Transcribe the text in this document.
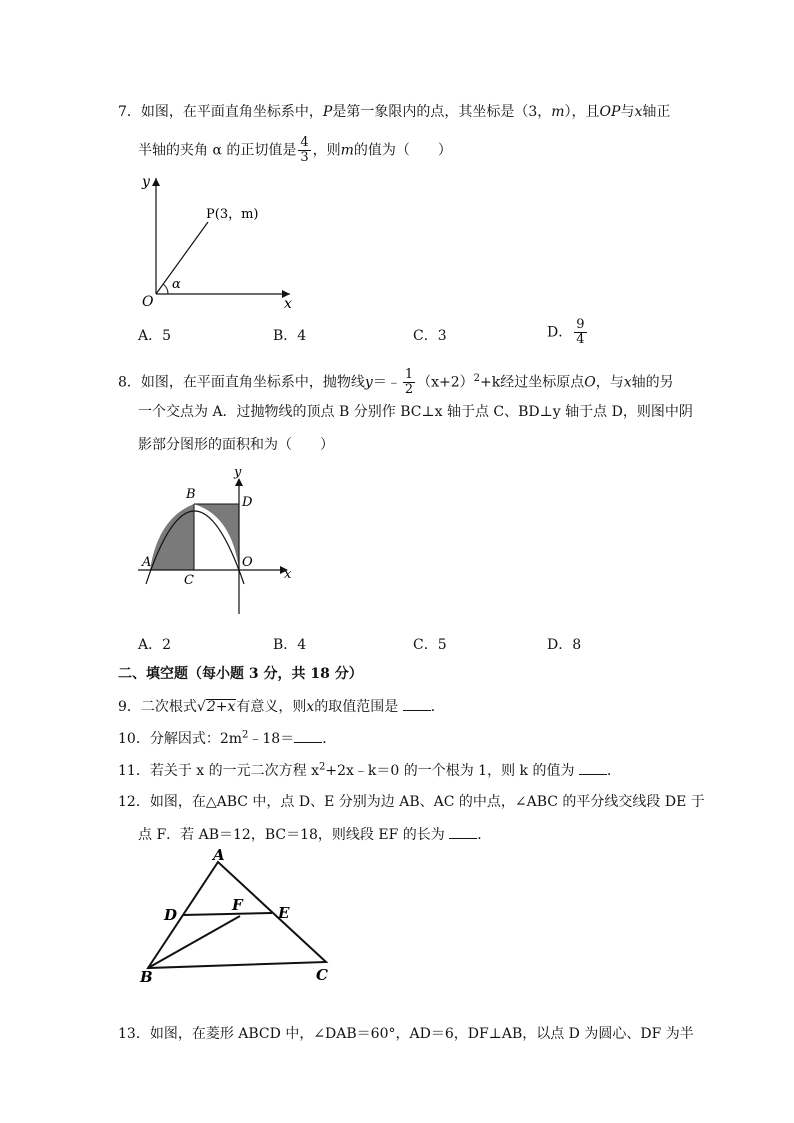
7．如图，在平面直角坐标系中，P是第一象限内的点，其坐标是（3，m），且OP与x轴正
半轴的夹角 α 的正切值是 $\frac{4}{3}$ ，则m的值为（　　）
y
x
O
α
P(3，m)
A．5	B．4	C．3	D． $\frac{9}{4}$
8．如图，在平面直角坐标系中，抛物线y＝﹣ $\frac{1}{2} (x+2)^2+k$经过坐标原点O，与x轴的另
一个交点为 A．过抛物线的顶点 B 分别作 BC⊥x 轴于点 C、BD⊥y 轴于点 D，则图中阴
影部分图形的面积和为（　　）
y
x
A
B
C
D
O
A．2	B．4	C．5	D．8
二、填空题（每小题 3 分，共 18 分）
9．二次根式√2+x有意义，则x的取值范围是 ．
10．分解因式：$2m^2﹣18=$ ．
11．若关于 x 的一元二次方程 $x^2+2x﹣k=0$ 的一个根为 1，则 k 的值为 ．
12．如图，在△ABC 中，点 D、E 分别为边 AB、AC 的中点，∠ABC 的平分线交线段 DE 于
点 F．若 AB＝12，BC＝18，则线段 EF 的长为 ．
A
B	C
D	E
F
13．如图，在菱形 ABCD 中，∠DAB＝60°，AD＝6，DF⊥AB，以点 D 为圆心、DF 为半
